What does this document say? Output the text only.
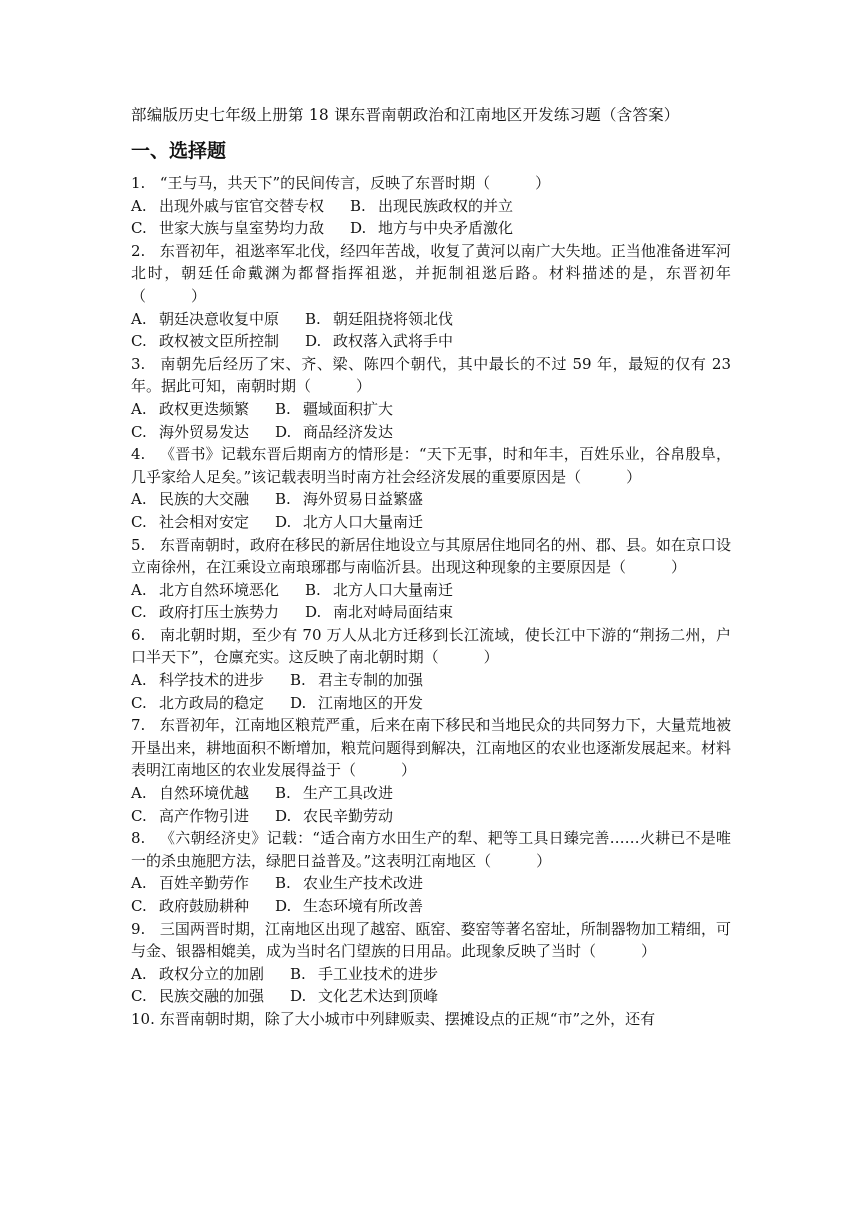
部编版历史七年级上册第 18 课东晋南朝政治和江南地区开发练习题（含答案）
一、选择题
1. “王与马，共天下”的民间传言，反映了东晋时期（　　　）
A. 出现外戚与宦官交替专权 B. 出现民族政权的并立
C. 世家大族与皇室势均力敌 D. 地方与中央矛盾激化
2. 东晋初年，祖逖率军北伐，经四年苦战，收复了黄河以南广大失地。正当他准备进军河北时，朝廷任命戴渊为都督指挥祖逖，并扼制祖逖后路。材料描述的是，东晋初年（　　　）
A. 朝廷决意收复中原 B. 朝廷阻挠将领北伐
C. 政权被文臣所控制 D. 政权落入武将手中
3. 南朝先后经历了宋、齐、梁、陈四个朝代，其中最长的不过 59 年，最短的仅有 23 年。据此可知，南朝时期（　　　）
A. 政权更迭频繁 B. 疆域面积扩大
C. 海外贸易发达 D. 商品经济发达
4. 《晋书》记载东晋后期南方的情形是：“天下无事，时和年丰，百姓乐业，谷帛殷阜，几乎家给人足矣。”该记载表明当时南方社会经济发展的重要原因是（　　　）
A. 民族的大交融 B. 海外贸易日益繁盛
C. 社会相对安定 D. 北方人口大量南迁
5. 东晋南朝时，政府在移民的新居住地设立与其原居住地同名的州、郡、县。如在京口设立南徐州，在江乘设立南琅琊郡与南临沂县。出现这种现象的主要原因是（　　　）
A. 北方自然环境恶化 B. 北方人口大量南迁
C. 政府打压士族势力 D. 南北对峙局面结束
6. 南北朝时期，至少有 70 万人从北方迁移到长江流域，使长江中下游的“荆扬二州，户口半天下”，仓廪充实。这反映了南北朝时期（　　　）
A. 科学技术的进步 B. 君主专制的加强
C. 北方政局的稳定 D. 江南地区的开发
7. 东晋初年，江南地区粮荒严重，后来在南下移民和当地民众的共同努力下，大量荒地被开垦出来，耕地面积不断增加，粮荒问题得到解决，江南地区的农业也逐渐发展起来。材料表明江南地区的农业发展得益于（　　　）
A. 自然环境优越 B. 生产工具改进
C. 高产作物引进 D. 农民辛勤劳动
8. 《六朝经济史》记载：“适合南方水田生产的犁、耙等工具日臻完善……火耕已不是唯一的杀虫施肥方法，绿肥日益普及。”这表明江南地区（　　　）
A. 百姓辛勤劳作 B. 农业生产技术改进
C. 政府鼓励耕种 D. 生态环境有所改善
9. 三国两晋时期，江南地区出现了越窑、瓯窑、婺窑等著名窑址，所制器物加工精细，可与金、银器相媲美，成为当时名门望族的日用品。此现象反映了当时（　　　）
A. 政权分立的加剧 B. 手工业技术的进步
C. 民族交融的加强 D. 文化艺术达到顶峰
10. 东晋南朝时期，除了大小城市中列肆贩卖、摆摊设点的正规“市”之外，还有
